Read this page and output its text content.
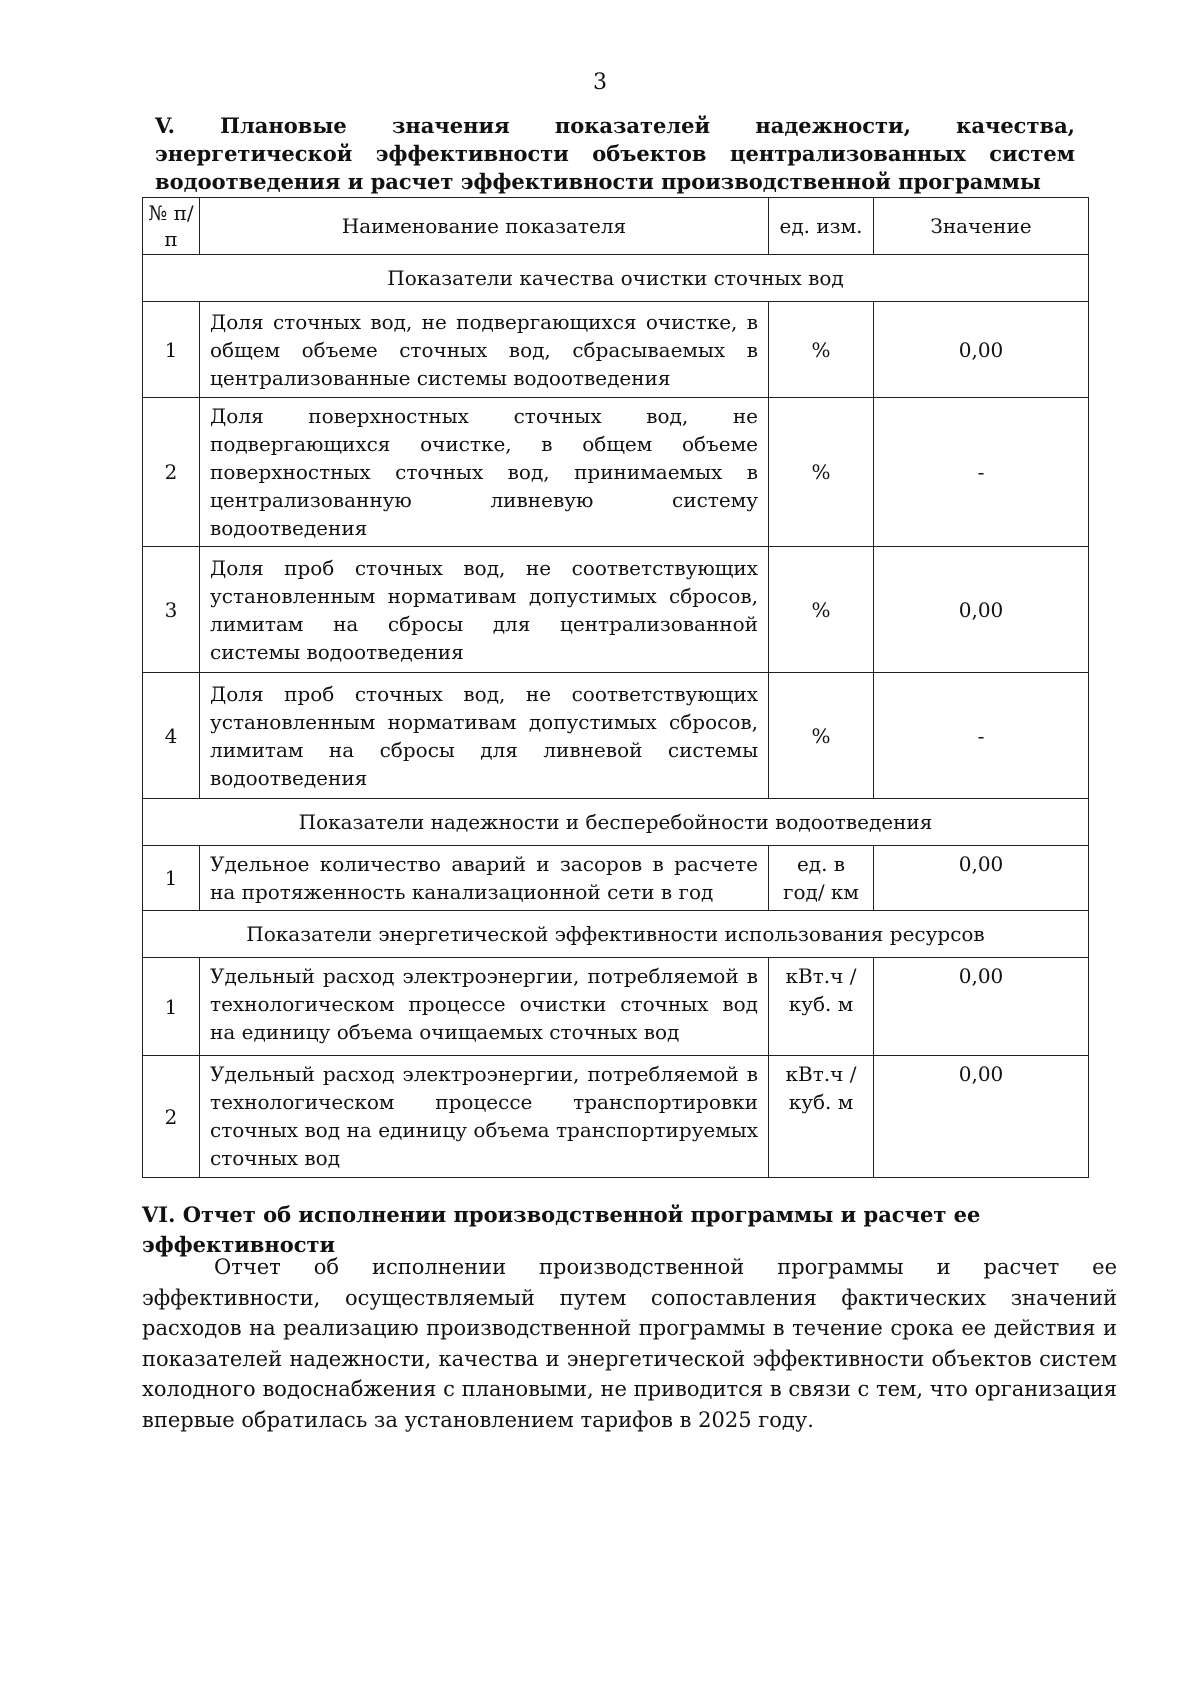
3
V. Плановые значения показателей надежности, качества, энергетической эффективности объектов централизованных систем водоотведения и расчет эффективности производственной программы
№ п/п	Наименование показателя	ед. изм.	Значение
Показатели качества очистки сточных вод			
1	Доля сточных вод, не подвергающихся очистке, в общем объеме сточных вод, сбрасываемых в централизованные системы водоотведения	%	0,00
2	Доля поверхностных сточных вод, не подвергающихся очистке, в общем объеме поверхностных сточных вод, принимаемых в централизованную ливневую систему водоотведения	%	-
3	Доля проб сточных вод, не соответствующих установленным нормативам допустимых сбросов, лимитам на сбросы для централизованной системы водоотведения	%	0,00
4	Доля проб сточных вод, не соответствующих установленным нормативам допустимых сбросов, лимитам на сбросы для ливневой системы водоотведения	%	-
Показатели надежности и бесперебойности водоотведения			
1	Удельное количество аварий и засоров в расчете на протяженность канализационной сети в год	ед. в год/ км	0,00
Показатели энергетической эффективности использования ресурсов			
1	Удельный расход электроэнергии, потребляемой в технологическом процессе очистки сточных вод на единицу объема очищаемых сточных вод	кВт.ч / куб. м	0,00
2	Удельный расход электроэнергии, потребляемой в технологическом процессе транспортировки сточных вод на единицу объема транспортируемых сточных вод	кВт.ч / куб. м	0,00
VI. Отчет об исполнении производственной программы и расчет ее эффективности

Отчет об исполнении производственной программы и расчет ее эффективности, осуществляемый путем сопоставления фактических значений расходов на реализацию производственной программы в течение срока ее действия и показателей надежности, качества и энергетической эффективности объектов систем холодного водоснабжения с плановыми, не приводится в связи с тем, что организация впервые обратилась за установлением тарифов в 2025 году.
